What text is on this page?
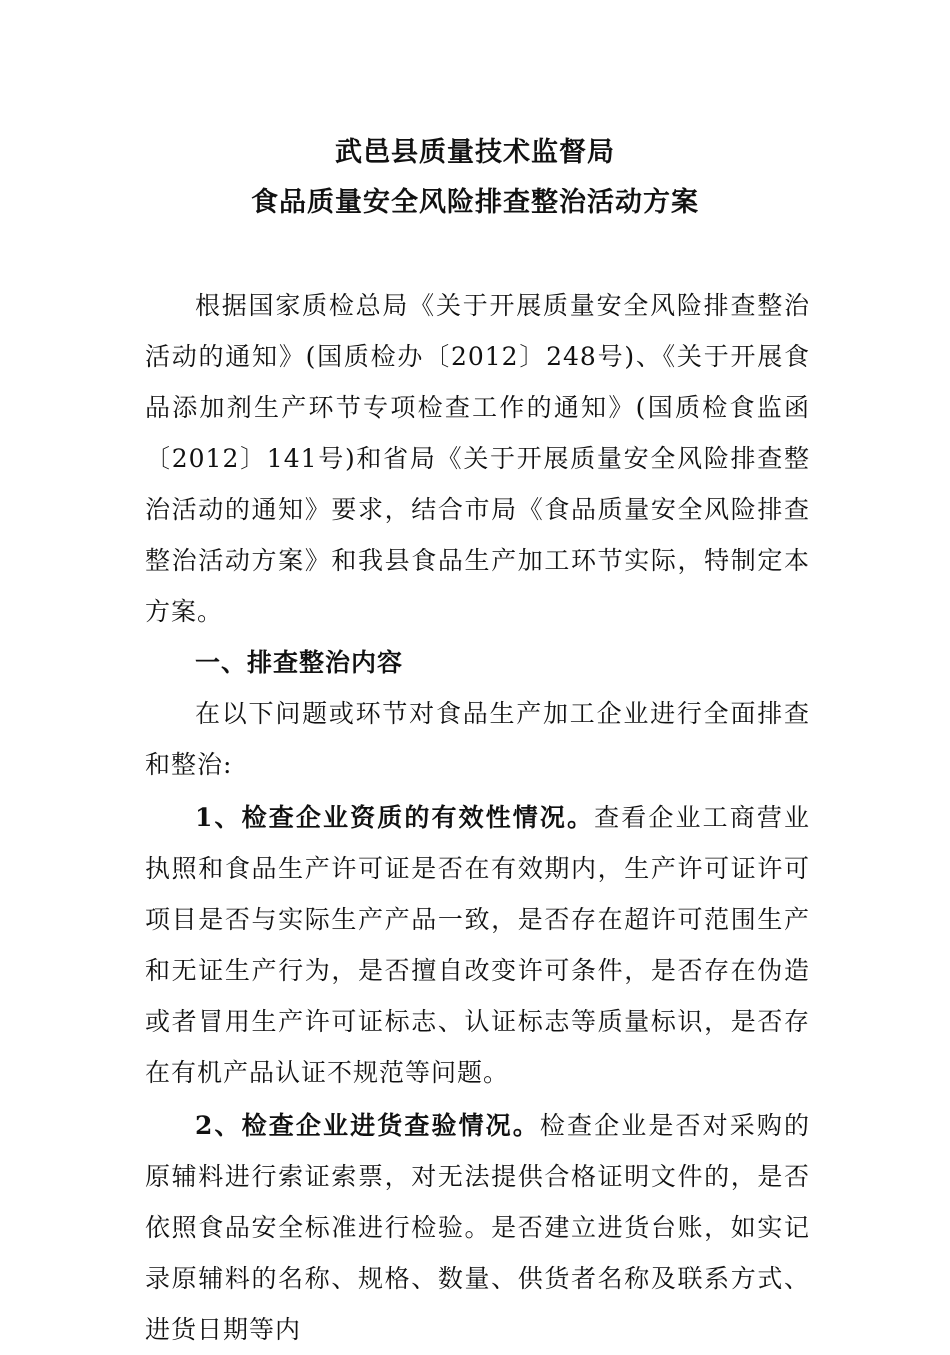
武邑县质量技术监督局
食品质量安全风险排查整治活动方案

根据国家质检总局《关于开展质量安全风险排查整治活动的通知》(国质检办〔2012〕248号)、《关于开展食品添加剂生产环节专项检查工作的通知》(国质检食监函〔2012〕141号)和省局《关于开展质量安全风险排查整治活动的通知》要求，结合市局《食品质量安全风险排查整治活动方案》和我县食品生产加工环节实际，特制定本方案。

一、排查整治内容

在以下问题或环节对食品生产加工企业进行全面排查和整治:

1、检查企业资质的有效性情况。查看企业工商营业执照和食品生产许可证是否在有效期内，生产许可证许可项目是否与实际生产产品一致，是否存在超许可范围生产和无证生产行为，是否擅自改变许可条件，是否存在伪造或者冒用生产许可证标志、认证标志等质量标识，是否存在有机产品认证不规范等问题。

2、检查企业进货查验情况。检查企业是否对采购的原辅料进行索证索票，对无法提供合格证明文件的，是否依照食品安全标准进行检验。是否建立进货台账，如实记录原辅料的名称、规格、数量、供货者名称及联系方式、进货日期等内
